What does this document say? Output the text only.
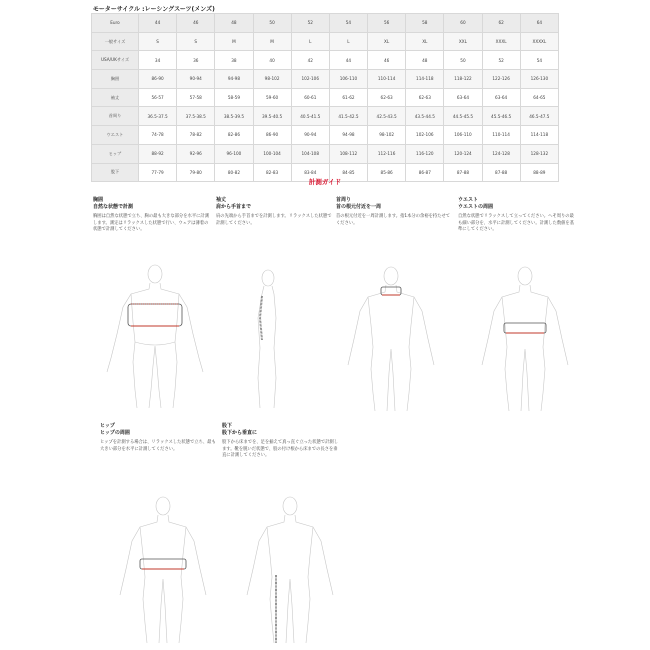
モーターサイクル :レーシングスーツ(メンズ)
Euro	44	46	48	50	52	54	56	58	60	62	64
一般サイズ	S	S	M	M	L	L	XL	XL	XXL	XXXL	XXXXL
USA/UKサイズ	34	36	38	40	42	44	46	48	50	52	54
胸囲	86-90	90-94	94-98	98-102	102-106	106-110	110-114	114-118	118-122	122-126	126-130
袖丈	56-57	57-58	58-59	59-60	60-61	61-62	62-63	62-63	63-64	63-64	64-65
首周り	36.5-37.5	37.5-38.5	38.5-39.5	39.5-40.5	40.5-41.5	41.5-42.5	42.5-43.5	43.5-44.5	44.5-45.5	45.5-46.5	46.5-47.5
ウエスト	74-78	78-82	82-86	86-90	90-94	94-98	98-102	102-106	106-110	110-114	114-118
ヒップ	88-92	92-96	96-100	100-104	104-108	108-112	112-116	116-120	120-124	124-128	128-132
股下	77-79	79-80	80-82	82-83	83-84	84-85	85-86	86-87	87-88	87-88	88-89
計測ガイド
胸囲
自然な状態で計測
胸囲は自然な状態で立ち、胸の最も大きな部分を水平に計測します。測定はリラックスした状態で行い、ウェアは薄着の状態で計測してください。
袖丈
肩から手首まで
肩の先端から手首までを計測します。リラックスした状態で計測してください。
首周り
首の根元付近を一周
首の根元付近を一周計測します。指1本分の余裕を持たせてください。
ウエスト
ウエストの周囲
自然な状態でリラックスして立ってください。へそ周りの最も細い部分を、水平に計測してください。計測した数値を基準にしてください。
ヒップ
ヒップの周囲
ヒップを計測する場合は、リラックスした状態で立ち、最も大きい部分を水平に計測してください。
股下
股下から垂直に
股下から床までを、足を揃えて真っ直ぐ立った状態で計測します。靴を脱いだ状態で、股の付け根から床までの長さを垂直に計測してください。
